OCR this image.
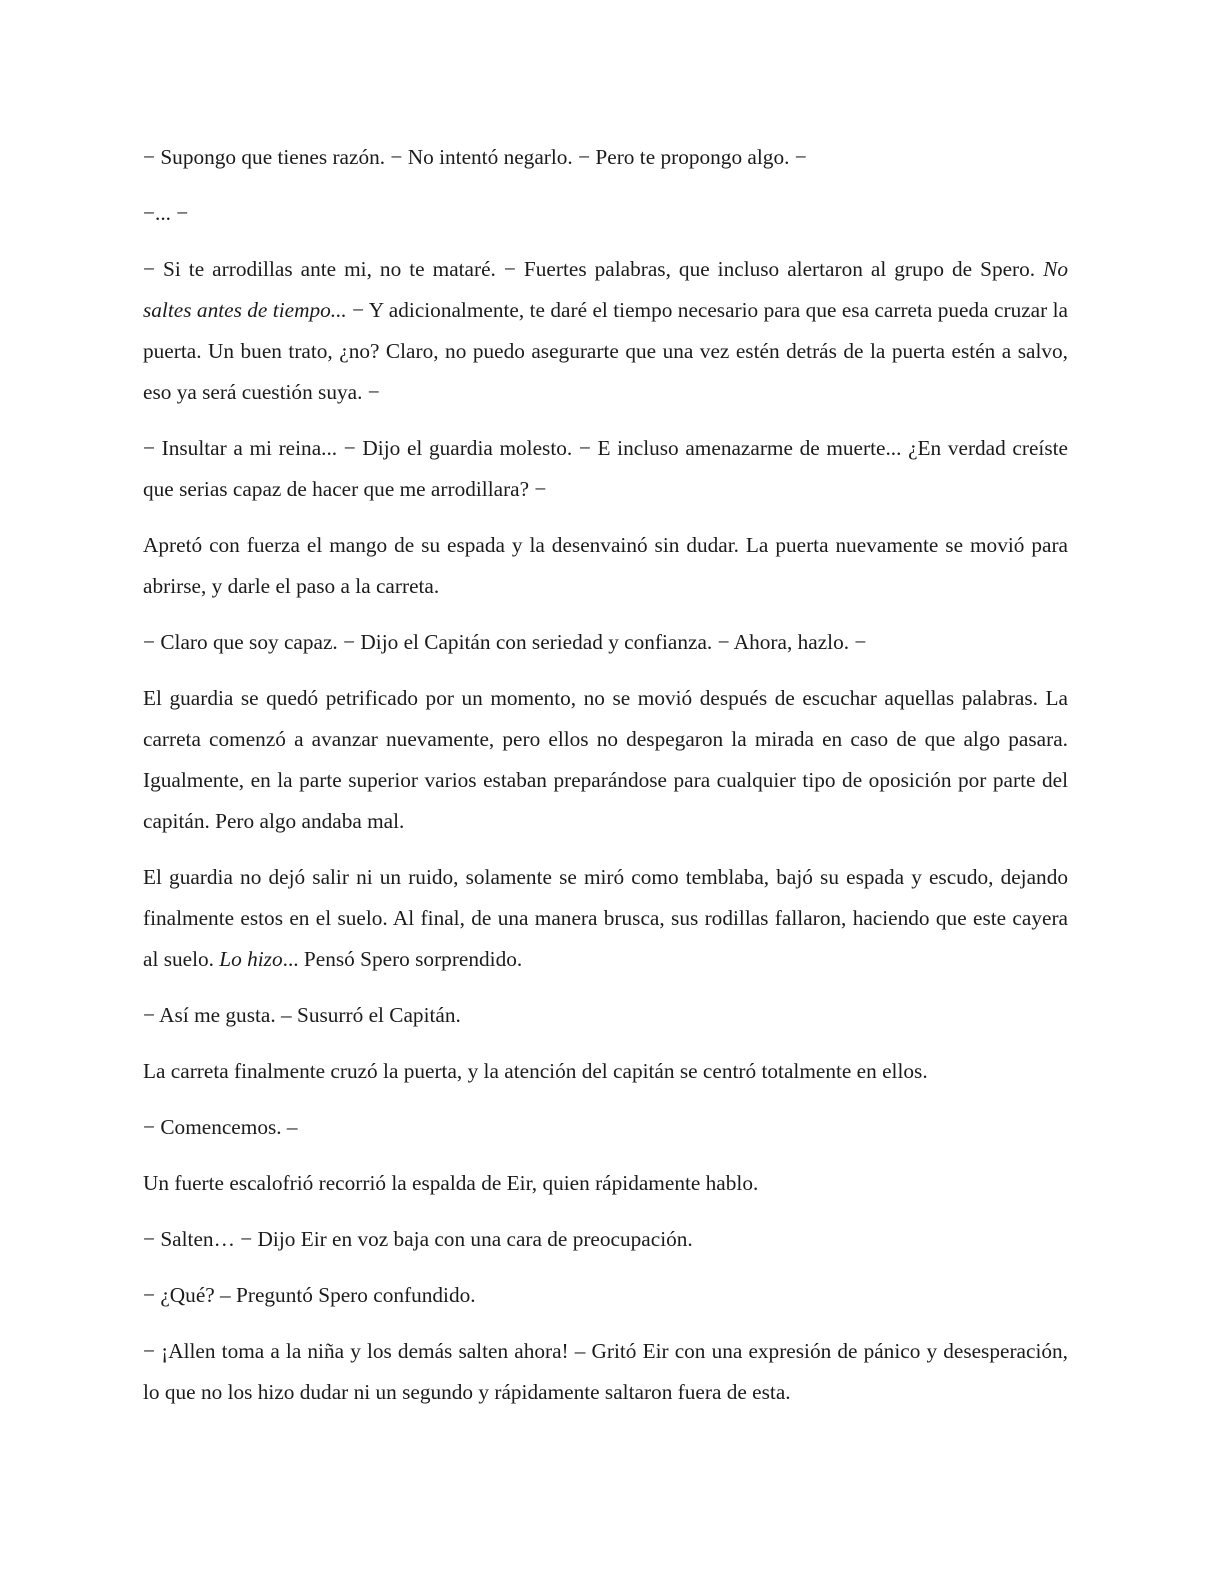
− Supongo que tienes razón. − No intentó negarlo. − Pero te propongo algo. −

−... −

− Si te arrodillas ante mi, no te mataré. − Fuertes palabras, que incluso alertaron al grupo de Spero. No saltes antes de tiempo... − Y adicionalmente, te daré el tiempo necesario para que esa carreta pueda cruzar la puerta. Un buen trato, ¿no? Claro, no puedo asegurarte que una vez estén detrás de la puerta estén a salvo, eso ya será cuestión suya. −

− Insultar a mi reina... − Dijo el guardia molesto. − E incluso amenazarme de muerte... ¿En verdad creíste que serias capaz de hacer que me arrodillara? −

Apretó con fuerza el mango de su espada y la desenvainó sin dudar. La puerta nuevamente se movió para abrirse, y darle el paso a la carreta.

− Claro que soy capaz. − Dijo el Capitán con seriedad y confianza. − Ahora, hazlo. −

El guardia se quedó petrificado por un momento, no se movió después de escuchar aquellas palabras. La carreta comenzó a avanzar nuevamente, pero ellos no despegaron la mirada en caso de que algo pasara. Igualmente, en la parte superior varios estaban preparándose para cualquier tipo de oposición por parte del capitán. Pero algo andaba mal.

El guardia no dejó salir ni un ruido, solamente se miró como temblaba, bajó su espada y escudo, dejando finalmente estos en el suelo. Al final, de una manera brusca, sus rodillas fallaron, haciendo que este cayera al suelo. Lo hizo... Pensó Spero sorprendido.

− Así me gusta. – Susurró el Capitán.

La carreta finalmente cruzó la puerta, y la atención del capitán se centró totalmente en ellos.

− Comencemos. –

Un fuerte escalofrió recorrió la espalda de Eir, quien rápidamente hablo.

− Salten… − Dijo Eir en voz baja con una cara de preocupación.

− ¿Qué? – Preguntó Spero confundido.

− ¡Allen toma a la niña y los demás salten ahora! – Gritó Eir con una expresión de pánico y desesperación, lo que no los hizo dudar ni un segundo y rápidamente saltaron fuera de esta.
